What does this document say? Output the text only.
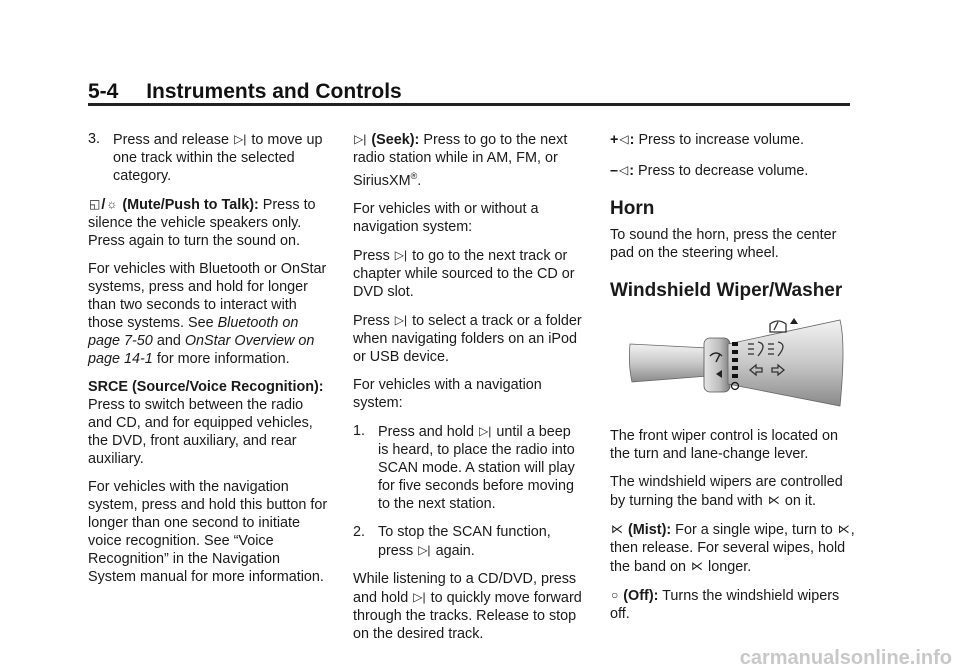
5-4 Instruments and Controls
3. Press and release ▷| to move up one track within the selected category.

◱/☼ (Mute/Push to Talk): Press to silence the vehicle speakers only. Press again to turn the sound on.

For vehicles with Bluetooth or OnStar systems, press and hold for longer than two seconds to interact with those systems. See Bluetooth on page 7-50 and OnStar Overview on page 14-1 for more information.

SRCE (Source/Voice Recognition): Press to switch between the radio and CD, and for equipped vehicles, the DVD, front auxiliary, and rear auxiliary.

For vehicles with the navigation system, press and hold this button for longer than one second to initiate voice recognition. See “Voice Recognition” in the Navigation System manual for more information.

▷| (Seek): Press to go to the next radio station while in AM, FM, or SiriusXM®.

For vehicles with or without a navigation system:

Press ▷| to go to the next track or chapter while sourced to the CD or DVD slot.

Press ▷| to select a track or a folder when navigating folders on an iPod or USB device.

For vehicles with a navigation system:

1. Press and hold ▷| until a beep is heard, to place the radio into SCAN mode. A station will play for five seconds before moving to the next station.
2. To stop the SCAN function, press ▷| again.

While listening to a CD/DVD, press and hold ▷| to quickly move forward through the tracks. Release to stop on the desired track.

+◁: Press to increase volume.
–◁: Press to decrease volume.
Horn

To sound the horn, press the center pad on the steering wheel.

Windshield Wiper/Washer

The front wiper control is located on the turn and lane-change lever.

The windshield wipers are controlled by turning the band with ⋉ on it.

⋉ (Mist): For a single wipe, turn to ⋉, then release. For several wipes, hold the band on ⋉ longer.

○ (Off): Turns the windshield wipers off.

carmanualsonline.info
